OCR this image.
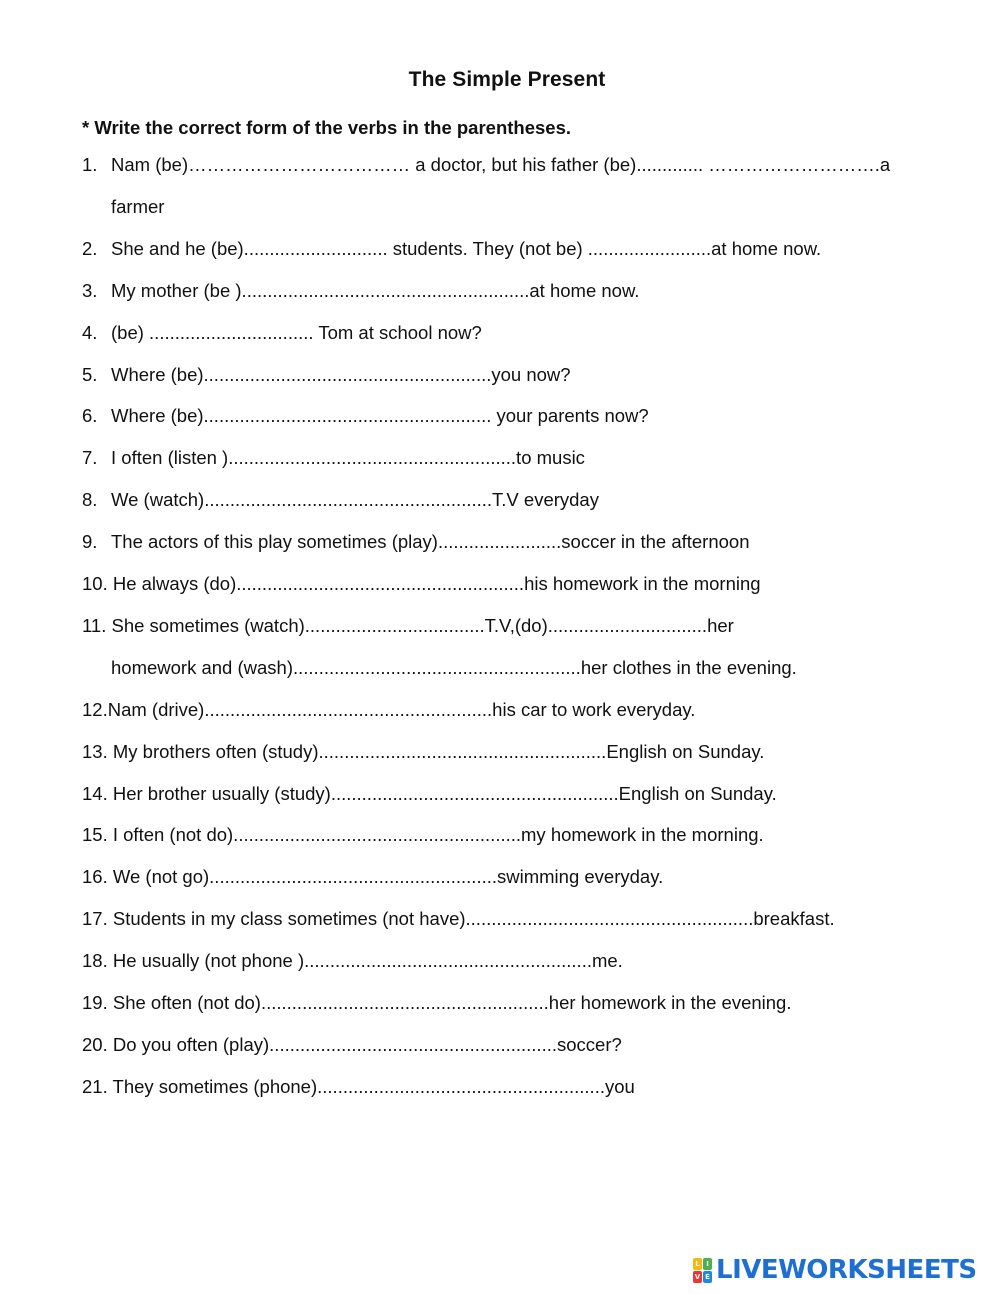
The Simple Present
* Write the correct form of the verbs in the parentheses.
1. Nam (be)……………………………… a doctor, but his father (be)............. ……………………….a
farmer
2. She and he (be)............................ students. They (not be) ........................at home now.
3. My mother (be )........................................................at home now.
4. (be) ................................ Tom at school now?
5. Where (be)........................................................you now?
6. Where (be)........................................................ your parents now?
7. I often (listen )........................................................to music
8. We (watch)........................................................T.V everyday
9. The actors of this play sometimes (play)........................soccer in the afternoon
10. He always (do)........................................................his homework in the morning
11. She sometimes (watch)...................................T.V,(do)...............................her
homework and (wash)........................................................her clothes in the evening.
12.Nam (drive)........................................................his car to work everyday.
13. My brothers often (study)........................................................English on Sunday.
14. Her brother usually (study)........................................................English on Sunday.
15. I often (not do)........................................................my homework in the morning.
16. We (not go)........................................................swimming everyday.
17. Students in my class sometimes (not have)........................................................breakfast.
18. He usually (not phone )........................................................me.
19. She often (not do)........................................................her homework in the evening.
20. Do you often (play)........................................................soccer?
21. They sometimes (phone)........................................................you
L I
V E LIVEWORKSHEETS
